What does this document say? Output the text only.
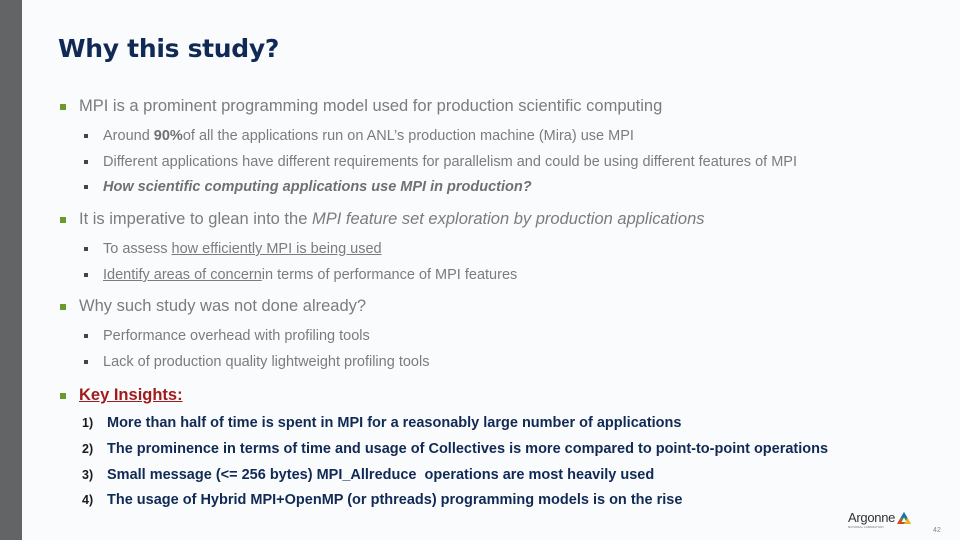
Why this study?
MPI is a prominent programming model used for production scientific computing
Around
90% of all the applications run on ANL’s production machine (Mira) use MPI
Different applications have different requirements for parallelism and could be using different features of MPI
How scientific computing applications use MPI in production?
It is imperative to glean into the
MPI feature set exploration by production applications
To assess
how efficiently MPI is being used
Identify areas of concern in terms of performance of MPI features
Why such study was not done already?
Performance overhead with profiling tools
Lack of production quality lightweight profiling tools
Key Insights:
1) More than half of time is spent in MPI for a reasonably large number of applications
2) The prominence in terms of time and usage of Collectives is more compared to point-to-point operations
3) Small message (<= 256 bytes) MPI_Allreduce  operations are most heavily used
4) The usage of Hybrid MPI+OpenMP (or pthreads) programming models is on the rise
Argonne
NATIONAL LABORATORY	42
